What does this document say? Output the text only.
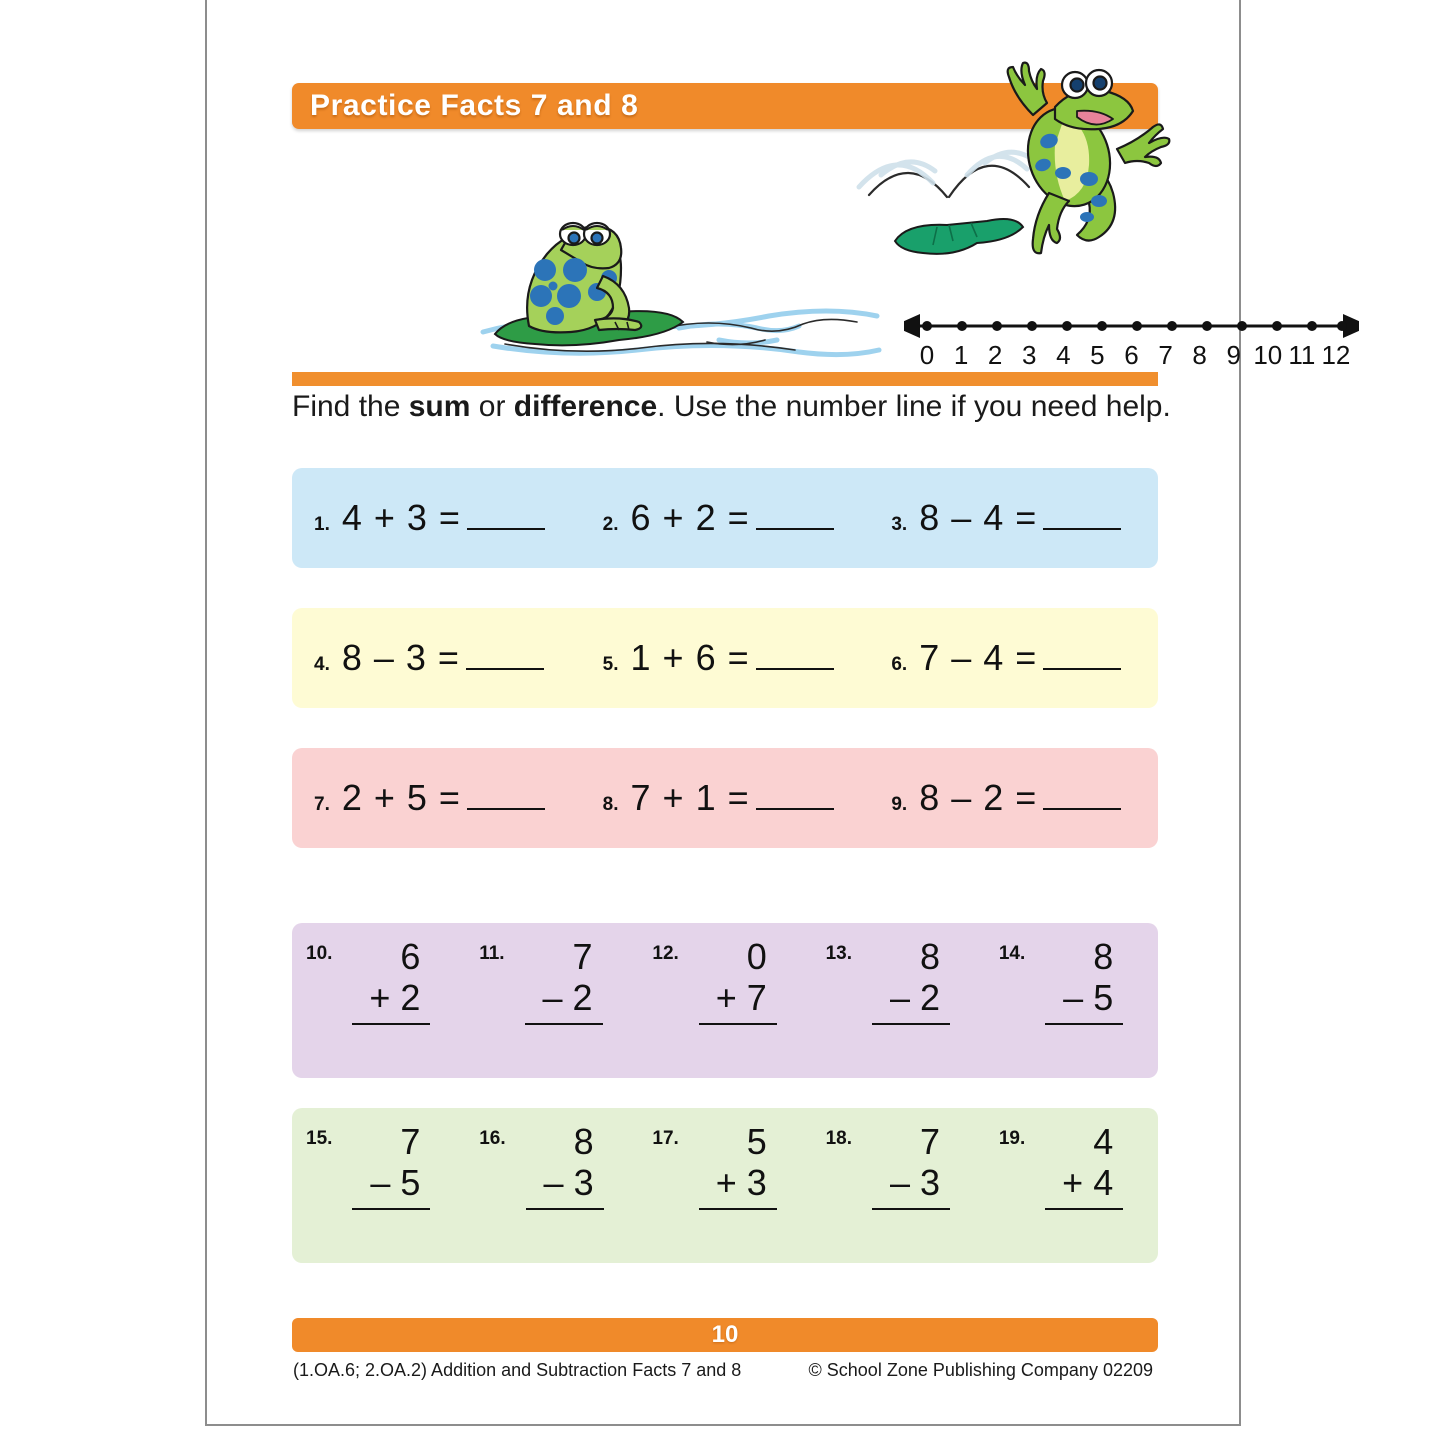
Practice Facts 7 and 8
0 1 2 3 4 5 6 7 8 9 10 11 12
Find the sum or difference. Use the number line if you need help.
1. 4 + 3 =	2. 6 + 2 =	3. 8 – 4 =
4. 8 – 3 =	5. 1 + 6 =	6. 7 – 4 =
7. 2 + 5 =	8. 7 + 1 =	9. 8 – 2 =
10. 6
+ 2
11. 7
– 2
12. 0
+ 7
13. 8
– 2
14. 8
– 5
15. 7
– 5
16. 8
– 3
17. 5
+ 3
18. 7
– 3
19. 4
+ 4
10
(1.OA.6; 2.OA.2) Addition and Subtraction Facts 7 and 8	© School Zone Publishing Company 02209
